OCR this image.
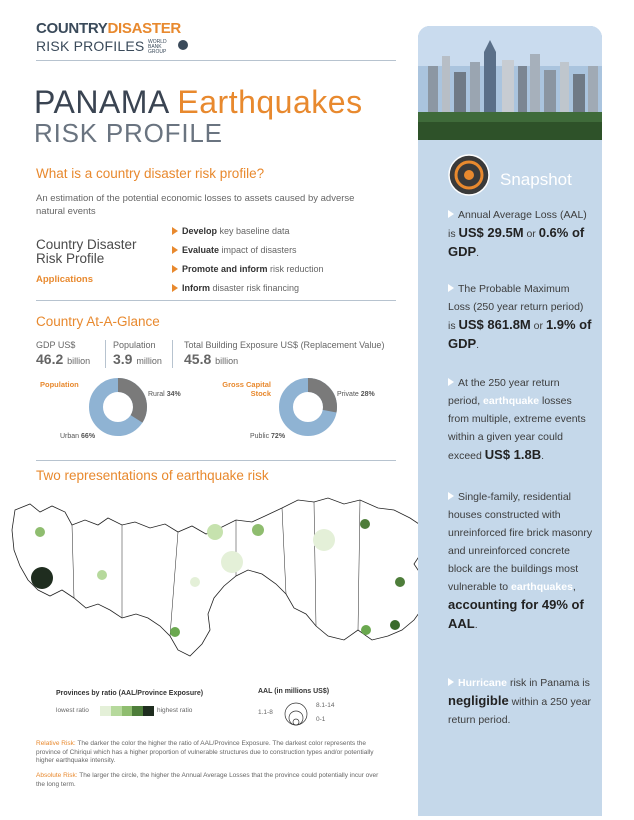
COUNTRYDISASTER
RISK PROFILES WORLD BANK GROUP
PANAMA Earthquakes
RISK PROFILE
What is a country disaster risk profile?
An estimation of the potential economic losses to assets caused by adverse natural events
Country Disaster Risk Profile
Applications
Develop key baseline data
Evaluate impact of disasters
Promote and inform risk reduction
Inform disaster risk financing
Country At-A-Glance
GDP US$
46.2 billion
Population
3.9 million
Total Building Exposure US$ (Replacement Value)
45.8 billion
Population
Rural 34%
Urban 66%
Gross Capital
Stock	Private 28%
Public 72%
Two representations of earthquake risk
Provinces by ratio (AAL/Province Exposure)
lowest ratio	highest ratio
AAL (in millions US$)
8.1-14
1.1-8
0-1
Relative Risk: The darker the color the higher the ratio of AAL/Province Exposure. The darkest color represents the province of Chiriqui which has a higher proportion of vulnerable structures due to construction types and/or potentially higher earthquake intensity.
Absolute Risk: The larger the circle, the higher the Annual Average Losses that the province could potentially incur over the long term.
Snapshot
Annual Average Loss (AAL) is US$ 29.5M or 0.6% of GDP.
The Probable Maximum Loss (250 year return period) is US$ 861.8M or 1.9% of GDP.
At the 250 year return period, earthquake losses from multiple, extreme events within a given year could exceed US$ 1.8B.
Single-family, residential houses constructed with unreinforced fire brick masonry and unreinforced concrete block are the buildings most vulnerable to earthquakes, accounting for 49% of AAL.
Hurricane risk in Panama is negligible within a 250 year return period.
